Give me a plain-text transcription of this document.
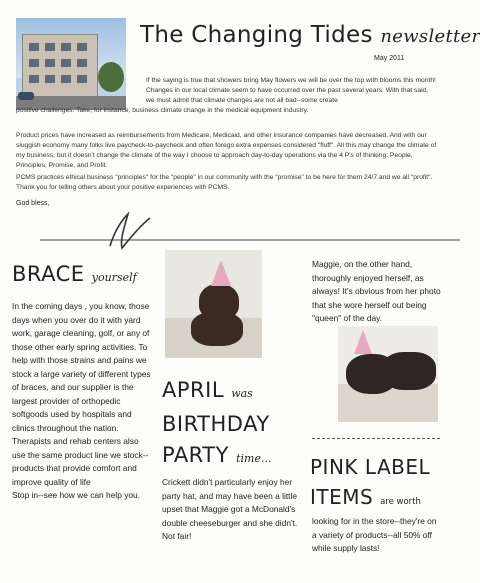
The Changing Tides newsletter
May 2011
If the saying is true that showers bring May flowers we will be over the top with blooms this month! Changes in our local climate seem to have occurred over the past several years. With that said, we must admit that climate changes are not all bad--some create
positive challenges. Take, for instance, business climate change in the medical equipment industry.
Product prices have increased as reimbursements from Medicare, Medicaid, and other insurance companies have decreased. And with our sluggish economy many folks live paycheck-to-paycheck and often forego extra expenses considered "fluff". All this may change the climate of my business, but it doesn't change the climate of the way I choose to approach day-to-day operations via the 4 P's of thinking: People, Principles, Promise, and Profit.
PCMS practices ethical business "principles" for the "people" in our community with the "promise" to be here for them 24/7 and we all "profit". Thank you for telling others about your positive experiences with PCMS.
God bless,
BRACE yourself
In the coming days , you know, those days when you over do it with yard work, garage cleaning, golf, or any of those other early spring activities. To help with those strains and pains we stock a large variety of different types of braces, and our supplier is the largest provider of orthopedic softgoods used by hospitals and clinics throughout the nation. Therapists and rehab centers also use the same product line we stock--products that provide comfort and improve quality of life
Stop in--see how we can help you.
APRIL was
BIRTHDAY
PARTY time...
Crickett didn't particularly enjoy her party hat, and may have been a little upset that Maggie got a McDonald's double cheeseburger and she didn't. Not fair!
Maggie, on the other hand, thoroughly enjoyed herself, as always! It's obvious from her photo that she wore herself out being "queen" of the day.
PINK LABEL
ITEMS are worth
looking for in the store--they're on a variety of products--all 50% off while supply lasts!
